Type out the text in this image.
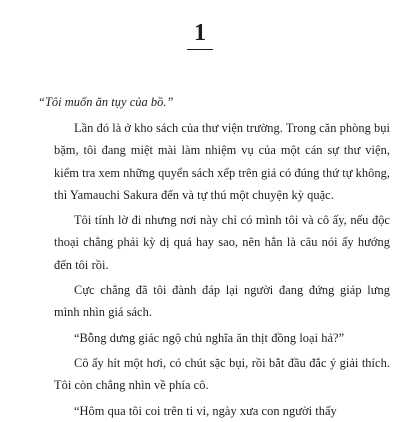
1

“Tôi muốn ăn tụy của bồ.”

Lần đó là ở kho sách của thư viện trường. Trong căn phòng bụi bặm, tôi đang miệt mài làm nhiệm vụ của một cán sự thư viện, kiểm tra xem những quyển sách xếp trên giá có đúng thứ tự không, thì Yamauchi Sakura đến và tự thú một chuyện kỳ quặc.

Tôi tính lờ đi nhưng nơi này chỉ có mình tôi và cô ấy, nếu độc thoại chẳng phải kỳ dị quá hay sao, nên hẳn là câu nói ấy hướng đến tôi rồi.

Cực chẳng đã tôi đành đáp lại người đang đứng giáp lưng mình nhìn giá sách.

“Bỗng dưng giác ngộ chủ nghĩa ăn thịt đồng loại hả?”

Cô ấy hít một hơi, có chút sặc bụi, rồi bắt đầu đắc ý giải thích. Tôi còn chẳng nhìn về phía cô.

“Hôm qua tôi coi trên ti vi, ngày xưa con người thấy
